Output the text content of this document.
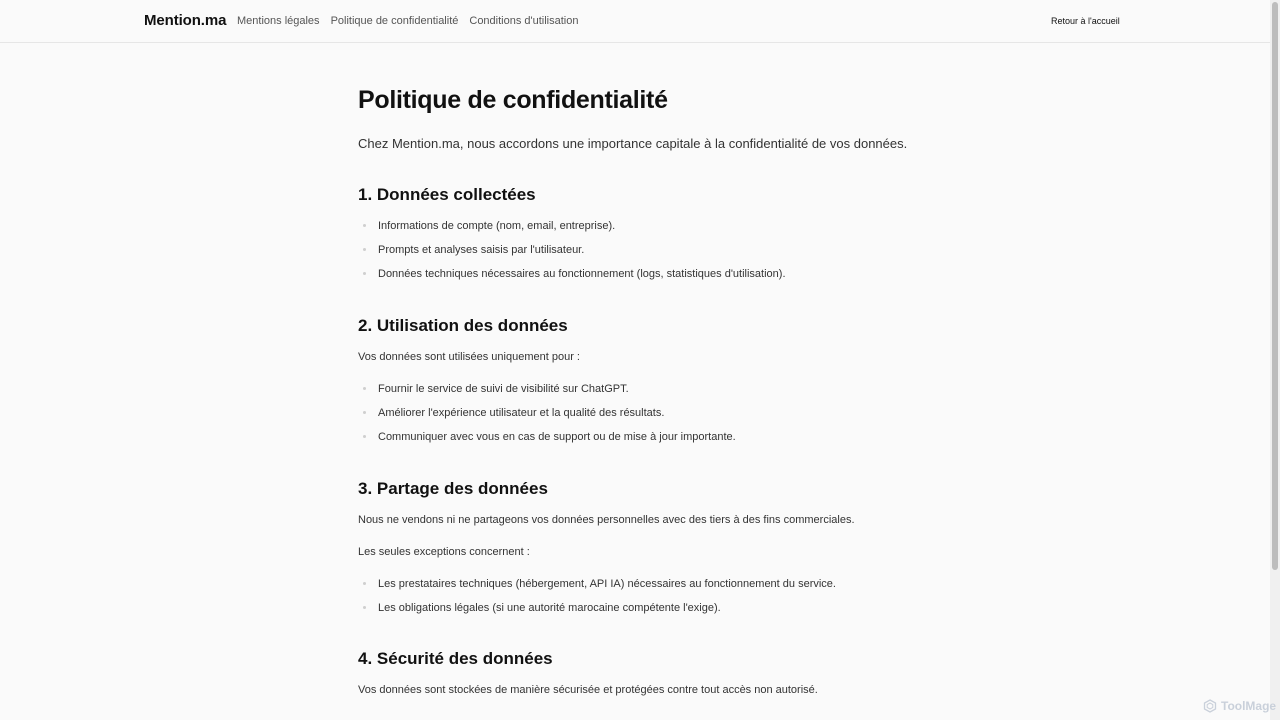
Mention.ma Mentions légales Politique de confidentialité Conditions d'utilisation	Retour à l'accueil
Politique de confidentialité

Chez Mention.ma, nous accordons une importance capitale à la confidentialité de vos données.

1. Données collectées
Informations de compte (nom, email, entreprise).
Prompts et analyses saisis par l'utilisateur.
Données techniques nécessaires au fonctionnement (logs, statistiques d'utilisation).
2. Utilisation des données

Vos données sont utilisées uniquement pour :

Fournir le service de suivi de visibilité sur ChatGPT.
Améliorer l'expérience utilisateur et la qualité des résultats.
Communiquer avec vous en cas de support ou de mise à jour importante.
3. Partage des données

Nous ne vendons ni ne partageons vos données personnelles avec des tiers à des fins commerciales.

Les seules exceptions concernent :

Les prestataires techniques (hébergement, API IA) nécessaires au fonctionnement du service.
Les obligations légales (si une autorité marocaine compétente l'exige).
4. Sécurité des données

Vos données sont stockées de manière sécurisée et protégées contre tout accès non autorisé.

ToolMage
